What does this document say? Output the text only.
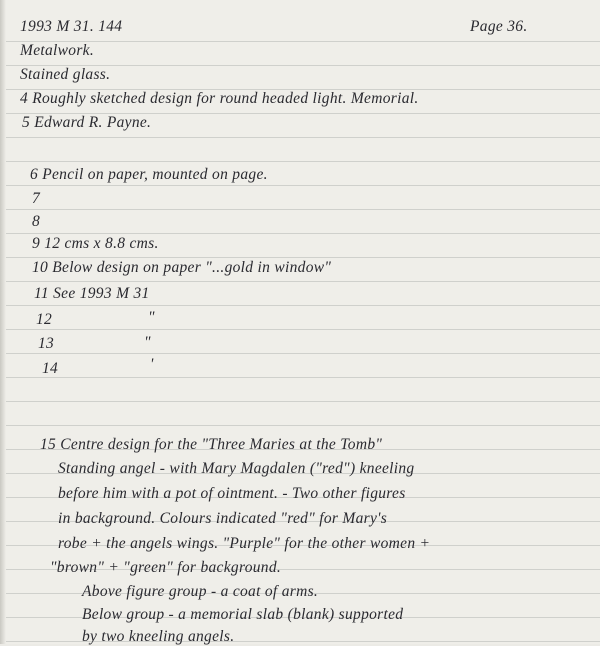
1993 M 31. 144	Page 36.
Metalwork.
Stained glass.
4 Roughly sketched design for round headed light. Memorial.
5 Edward R. Payne.
6 Pencil on paper, mounted on page.
7
8
9 12 cms x 8.8 cms.
10 Below design on paper "...gold in window"
11 See 1993 M 31
12	"
13	"
14	'
15 Centre design for the "Three Maries at the Tomb"
Standing angel - with Mary Magdalen ("red") kneeling
before him with a pot of ointment. - Two other figures
in background. Colours indicated "red" for Mary's
robe + the angels wings. "Purple" for the other women +
"brown" + "green" for background.
Above figure group - a coat of arms.
Below group - a memorial slab (blank) supported
by two kneeling angels.
